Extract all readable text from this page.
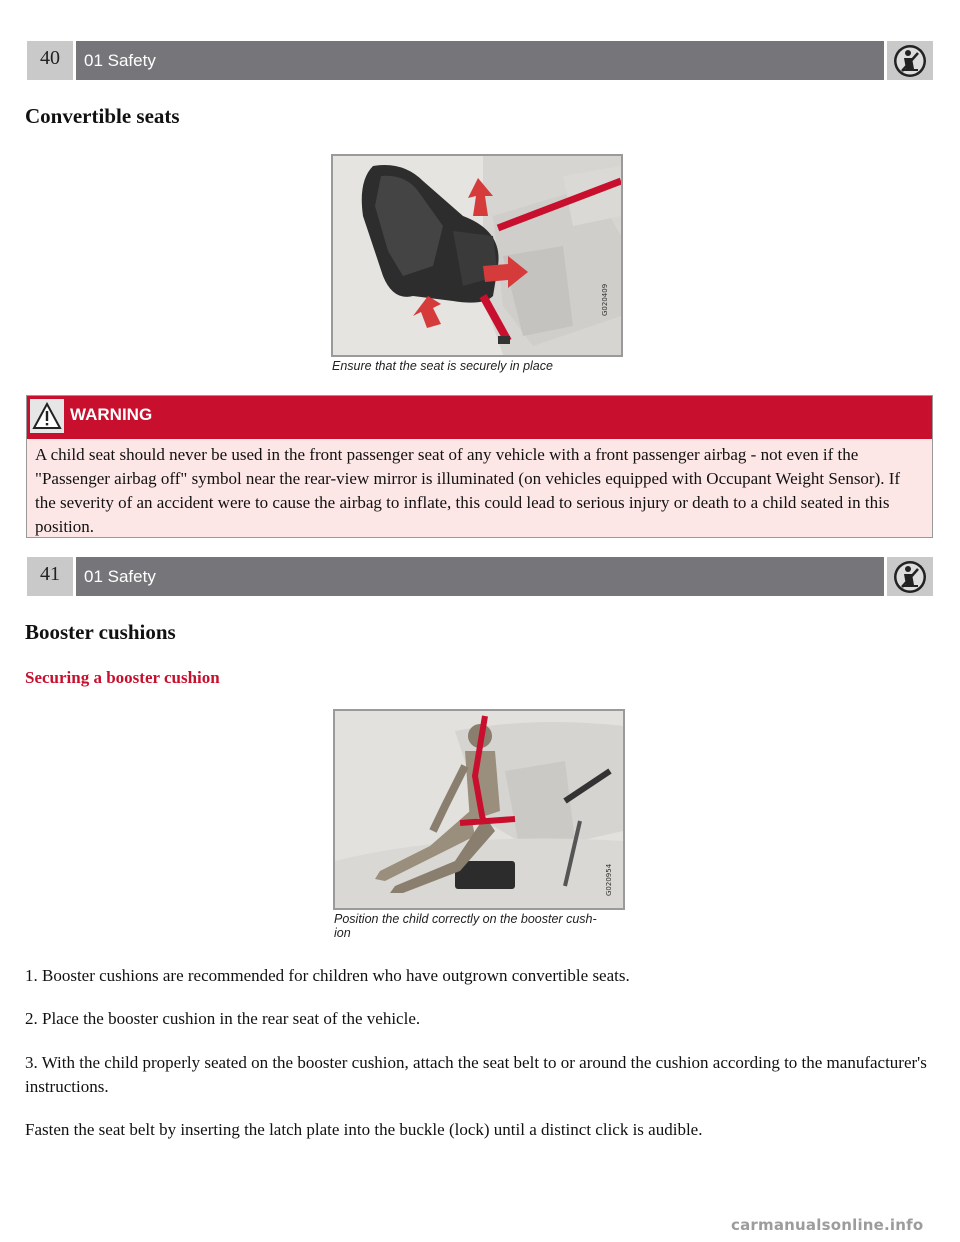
40	01 Safety
Convertible seats
G020409
Ensure that the seat is securely in place
WARNING
A child seat should never be used in the front passenger seat of any vehicle with a front passenger airbag - not even if the "Passenger airbag off" symbol near the rear-view mirror is illuminated (on vehicles equipped with Occupant Weight Sensor). If the severity of an accident were to cause the airbag to inflate, this could lead to serious injury or death to a child seated in this position.
41	01 Safety
Booster cushions
Securing a booster cushion
G020954
Position the child correctly on the booster cush-
ion
1. Booster cushions are recommended for children who have outgrown convertible seats.
2. Place the booster cushion in the rear seat of the vehicle.
3. With the child properly seated on the booster cushion, attach the seat belt to or around the cushion according to the manufacturer's instructions.
Fasten the seat belt by inserting the latch plate into the buckle (lock) until a distinct click is audible.
carmanualsonline.info
